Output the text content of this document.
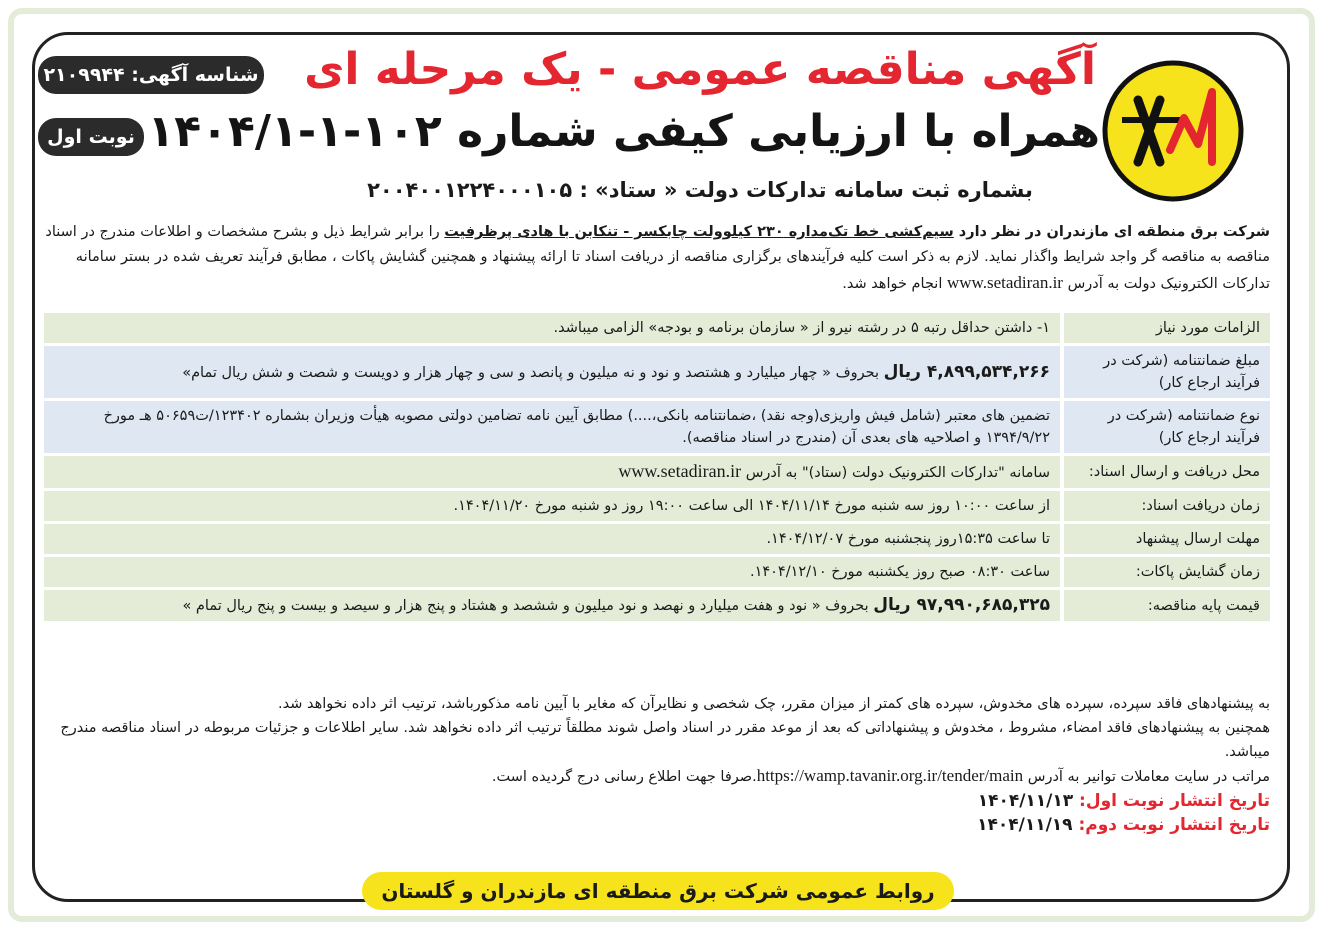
آگهی مناقصه عمومی - یک مرحله ای
همراه با ارزیابی کیفی شماره ۱۰۲-۱-۱۴۰۴/۱
بشماره ثبت سامانه تدارکات دولت « ستاد» : ۲۰۰۴۰۰۱۲۲۴۰۰۰۱۰۵
شناسه آگهی: ۲۱۰۹۹۴۴
نوبت اول
شرکت برق منطقه ای مازندران در نظر دارد سیم‌کشی خط تک‌مداره ۲۳۰ کیلوولت چابکسر - تنکابن با هادی پرظرفیت را برابر شرایط ذیل و بشرح مشخصات و اطلاعات مندرج در اسناد مناقصه به مناقصه گر واجد شرایط واگذار نماید. لازم به ذکر است کلیه فرآیندهای برگزاری مناقصه از دریافت اسناد تا ارائه پیشنهاد و همچنین گشایش پاکات ، مطابق فرآیند تعریف شده در بستر سامانه تدارکات الکترونیک دولت به آدرس www.setadiran.ir انجام خواهد شد.
الزامات مورد نیاز	۱- داشتن حداقل رتبه ۵ در رشته نیرو از « سازمان برنامه و بودجه» الزامی میباشد.
مبلغ ضمانتنامه (شرکت در فرآیند ارجاع کار)	۴,۸۹۹,۵۳۴,۲۶۶ ریال بحروف « چهار میلیارد و هشتصد و نود و نه میلیون و پانصد و سی و چهار هزار و دویست و شصت و شش ریال تمام»
نوع ضمانتنامه (شرکت در فرآیند ارجاع کار)	تضمین های معتبر (شامل فیش واریزی(وجه نقد) ،ضمانتنامه بانکی،....) مطابق آیین نامه تضامین دولتی مصوبه هیأت وزیران بشماره ۱۲۳۴۰۲/ت۵۰۶۵۹ هـ مورخ ۱۳۹۴/۹/۲۲ و اصلاحیه های بعدی آن (مندرج در اسناد مناقصه).
محل دریافت و ارسال اسناد:	سامانه "تدارکات الکترونیک دولت (ستاد)" به آدرس www.setadiran.ir
زمان دریافت اسناد:	از ساعت ۱۰:۰۰ روز سه شنبه مورخ ۱۴۰۴/۱۱/۱۴ الی ساعت ۱۹:۰۰ روز دو شنبه مورخ ۱۴۰۴/۱۱/۲۰.
مهلت ارسال پیشنهاد	تا ساعت ۱۵:۳۵روز پنجشنبه مورخ ۱۴۰۴/۱۲/۰۷.
زمان گشایش پاکات:	ساعت ۰۸:۳۰ صبح روز یکشنبه مورخ ۱۴۰۴/۱۲/۱۰.
قیمت پایه مناقصه:	۹۷,۹۹۰,۶۸۵,۳۲۵ ریال بحروف « نود و هفت میلیارد و نهصد و نود میلیون و ششصد و هشتاد و پنج هزار و سیصد و بیست و پنج ریال تمام »
به پیشنهادهای فاقد سپرده، سپرده های مخدوش، سپرده های کمتر از میزان مقرر، چک شخصی و نظایرآن که مغایر با آیین نامه مذکورباشد، ترتیب اثر داده نخواهد شد.
همچنین به پیشنهادهای فاقد امضاء، مشروط ، مخدوش و پیشنهاداتی که بعد از موعد مقرر در اسناد واصل شوند مطلقاً ترتیب اثر داده نخواهد شد. سایر اطلاعات و جزئیات مربوطه در اسناد مناقصه مندرج میباشد.
مراتب در سایت معاملات توانیر به آدرس https://wamp.tavanir.org.ir/tender/main.صرفا جهت اطلاع رسانی درج گردیده است.
تاریخ انتشار نوبت اول: ۱۴۰۴/۱۱/۱۳
تاریخ انتشار نوبت دوم: ۱۴۰۴/۱۱/۱۹
روابط عمومی شرکت برق منطقه ای مازندران و گلستان
